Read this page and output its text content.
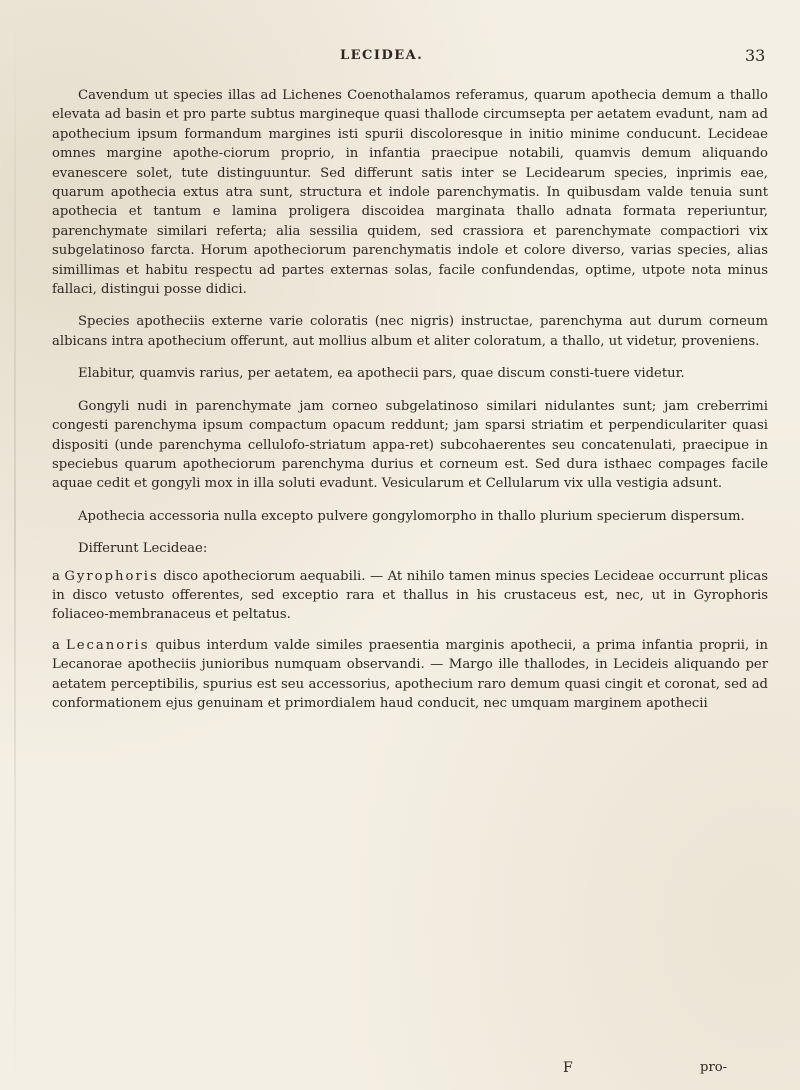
LECIDEA.	33

Cavendum ut species illas ad Lichenes Coenothalamos referamus, quarum apothecia demum a thallo elevata ad basin et pro parte subtus margineque quasi thallode circumsepta per aetatem evadunt, nam ad apothecium ipsum formandum margines isti spurii discoloresque in initio minime conducunt. Lecideae omnes margine apothe-ciorum proprio, in infantia praecipue notabili, quamvis demum aliquando evanescere solet, tute distinguuntur. Sed differunt satis inter se Lecidearum species, inprimis eae, quarum apothecia extus atra sunt, structura et indole parenchymatis. In quibusdam valde tenuia sunt apothecia et tantum e lamina proligera discoidea marginata thallo adnata formata reperiuntur, parenchymate similari referta; alia sessilia quidem, sed crassiora et parenchymate compactiori vix subgelatinoso farcta. Horum apotheciorum parenchymatis indole et colore diverso, varias species, alias simillimas et habitu respectu ad partes externas solas, facile confundendas, optime, utpote nota minus fallaci, distingui posse didici.

Species apotheciis externe varie coloratis (nec nigris) instructae, parenchyma aut durum corneum albicans intra apothecium offerunt, aut mollius album et aliter coloratum, a thallo, ut videtur, proveniens.

Elabitur, quamvis rarius, per aetatem, ea apothecii pars, quae discum consti-tuere videtur.

Gongyli nudi in parenchymate jam corneo subgelatinoso similari nidulantes sunt; jam creberrimi congesti parenchyma ipsum compactum opacum reddunt; jam sparsi striatim et perpendiculariter quasi dispositi (unde parenchyma cellulofo-striatum appa-ret) subcohaerentes seu concatenulati, praecipue in speciebus quarum apotheciorum parenchyma durius et corneum est. Sed dura isthaec compages facile aquae cedit et gongyli mox in illa soluti evadunt. Vesicularum et Cellularum vix ulla vestigia adsunt.

Apothecia accessoria nulla excepto pulvere gongylomorpho in thallo plurium specierum dispersum.

Differunt Lecideae:

a Gyrophoris disco apotheciorum aequabili. — At nihilo tamen minus species Lecideae occurrunt plicas in disco vetusto offerentes, sed exceptio rara et thallus in his crustaceus est, nec, ut in Gyrophoris foliaceo-membranaceus et peltatus.

a Lecanoris quibus interdum valde similes praesentia marginis apothecii, a prima infantia proprii, in Lecanorae apotheciis junioribus numquam observandi. — Margo ille thallodes, in Lecideis aliquando per aetatem perceptibilis, spurius est seu accessorius, apothecium raro demum quasi cingit et coronat, sed ad conformationem ejus genuinam et primordialem haud conducit, nec umquam marginem apothecii

F	pro-
